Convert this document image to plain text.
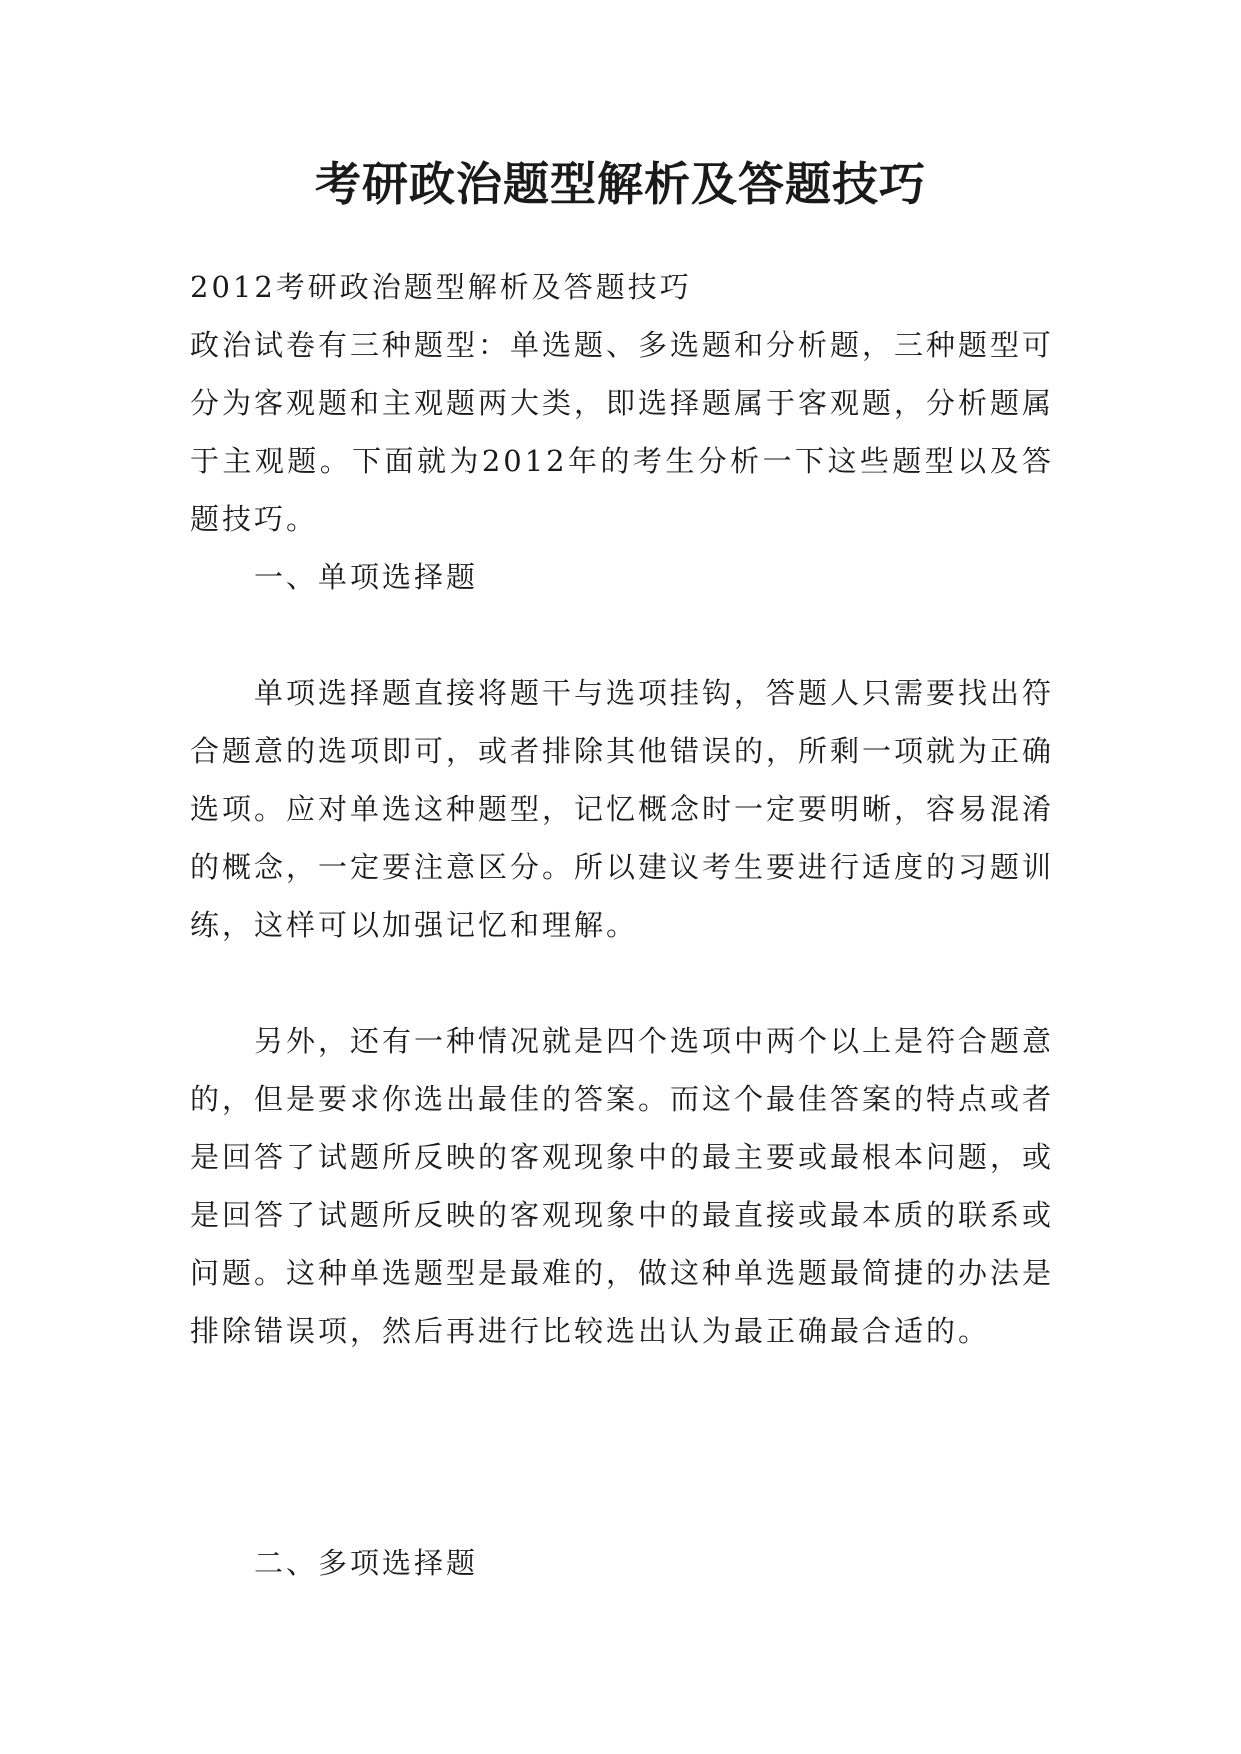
考研政治题型解析及答题技巧

2012考研政治题型解析及答题技巧

政治试卷有三种题型：单选题、多选题和分析题，三种题型可分为客观题和主观题两大类，即选择题属于客观题，分析题属于主观题。下面就为2012年的考生分析一下这些题型以及答题技巧。

一、单项选择题

单项选择题直接将题干与选项挂钩，答题人只需要找出符合题意的选项即可，或者排除其他错误的，所剩一项就为正确选项。应对单选这种题型，记忆概念时一定要明晰，容易混淆的概念，一定要注意区分。所以建议考生要进行适度的习题训练，这样可以加强记忆和理解。

另外，还有一种情况就是四个选项中两个以上是符合题意的，但是要求你选出最佳的答案。而这个最佳答案的特点或者是回答了试题所反映的客观现象中的最主要或最根本问题，或是回答了试题所反映的客观现象中的最直接或最本质的联系或问题。这种单选题型是最难的，做这种单选题最简捷的办法是排除错误项，然后再进行比较选出认为最正确最合适的。

二、多项选择题
